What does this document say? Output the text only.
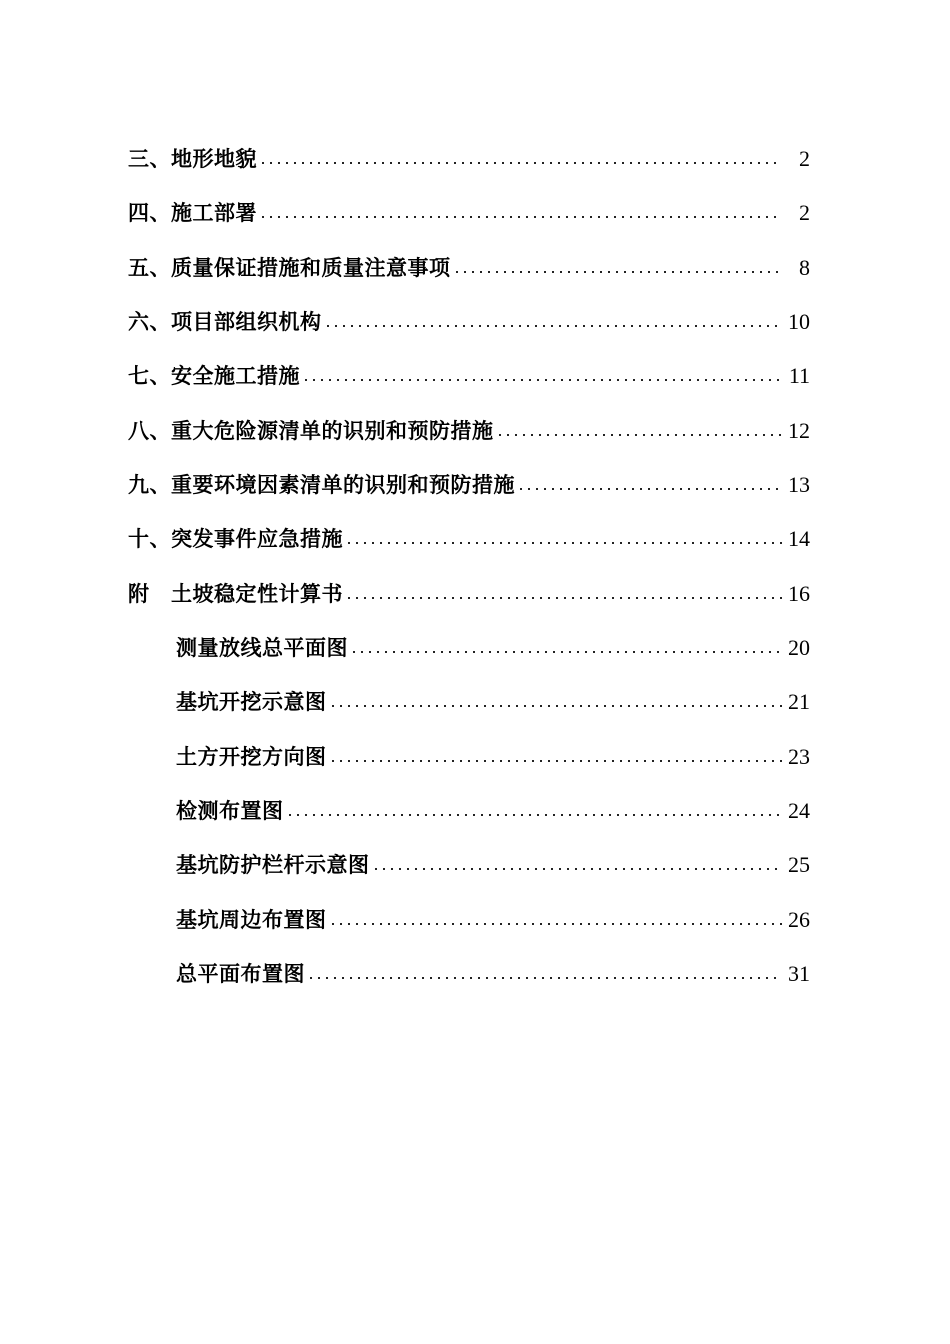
三、地形地貌	2
四、施工部署	2
五、质量保证措施和质量注意事项	8
六、项目部组织机构	10
七、安全施工措施	11
八、重大危险源清单的识别和预防措施	12
九、重要环境因素清单的识别和预防措施	13
十、突发事件应急措施	14
附　土坡稳定性计算书	16
测量放线总平面图	20
基坑开挖示意图	21
土方开挖方向图	23
检测布置图	24
基坑防护栏杆示意图	25
基坑周边布置图	26
总平面布置图	31
